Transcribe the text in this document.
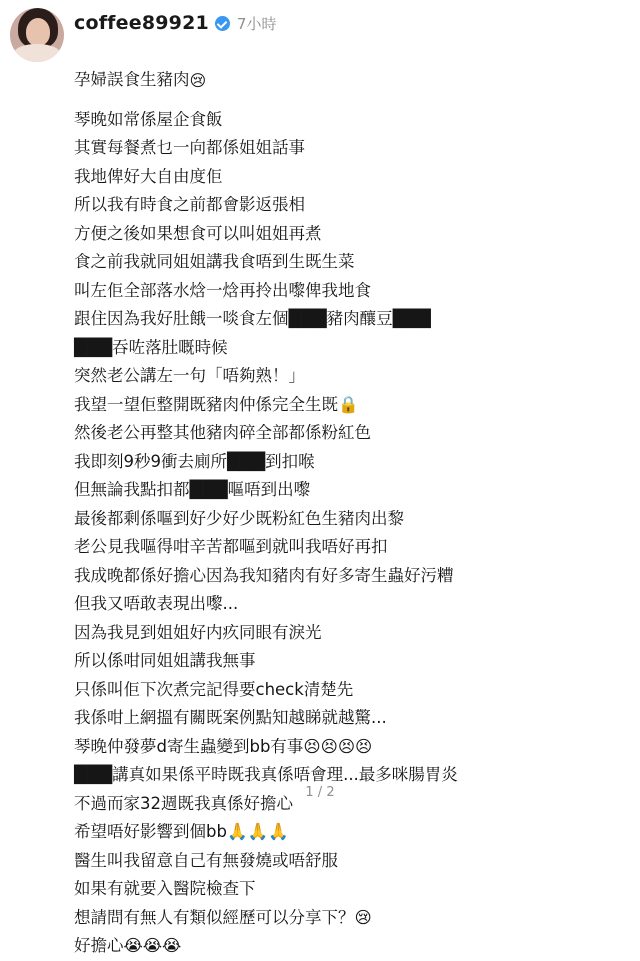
coffee89921 7小時
孕婦誤食生豬肉😢
琴晚如常係屋企食飯
其實每餐煮乜一向都係姐姐話事
我地俾好大自由度佢
所以我有時食之前都會影返張相
方便之後如果想食可以叫姐姐再煮
食之前我就同姐姐講我食唔到生既生菜
叫左佢全部落水焓一焓再拎出嚟俾我地食
跟住因為我好肚餓一啖食左個███豬肉釀豆███
███吞咗落肚嘅時候
突然老公講左一句「唔夠熟！」
我望一望佢整開既豬肉仲係完全生既🔒
然後老公再整其他豬肉碎全部都係粉紅色
我即刻9秒9衝去廁所███到扣喉
但無論我點扣都███嘔唔到出嚟
最後都剩係嘔到好少好少既粉紅色生豬肉出黎
老公見我嘔得咁辛苦都嘔到就叫我唔好再扣
我成晚都係好擔心因為我知豬肉有好多寄生蟲好污糟
但我又唔敢表現出嚟...
因為我見到姐姐好内疚同眼有淚光
所以係咁同姐姐講我無事
只係叫佢下次煮完記得要check清楚先
我係咁上網搵有關既案例點知越睇就越驚...
琴晚仲發夢d寄生蟲變到bb有事😣😣😣😣
███講真如果係平時既我真係唔會理...最多咪腸胃炎
不過而家32週既我真係好擔心
希望唔好影響到個bb🙏🙏🙏
醫生叫我留意自己有無發燒或唔舒服
如果有就要入醫院檢查下
想請問有無人有類似經歷可以分享下？😢
好擔心😭😭😭
1 / 2
